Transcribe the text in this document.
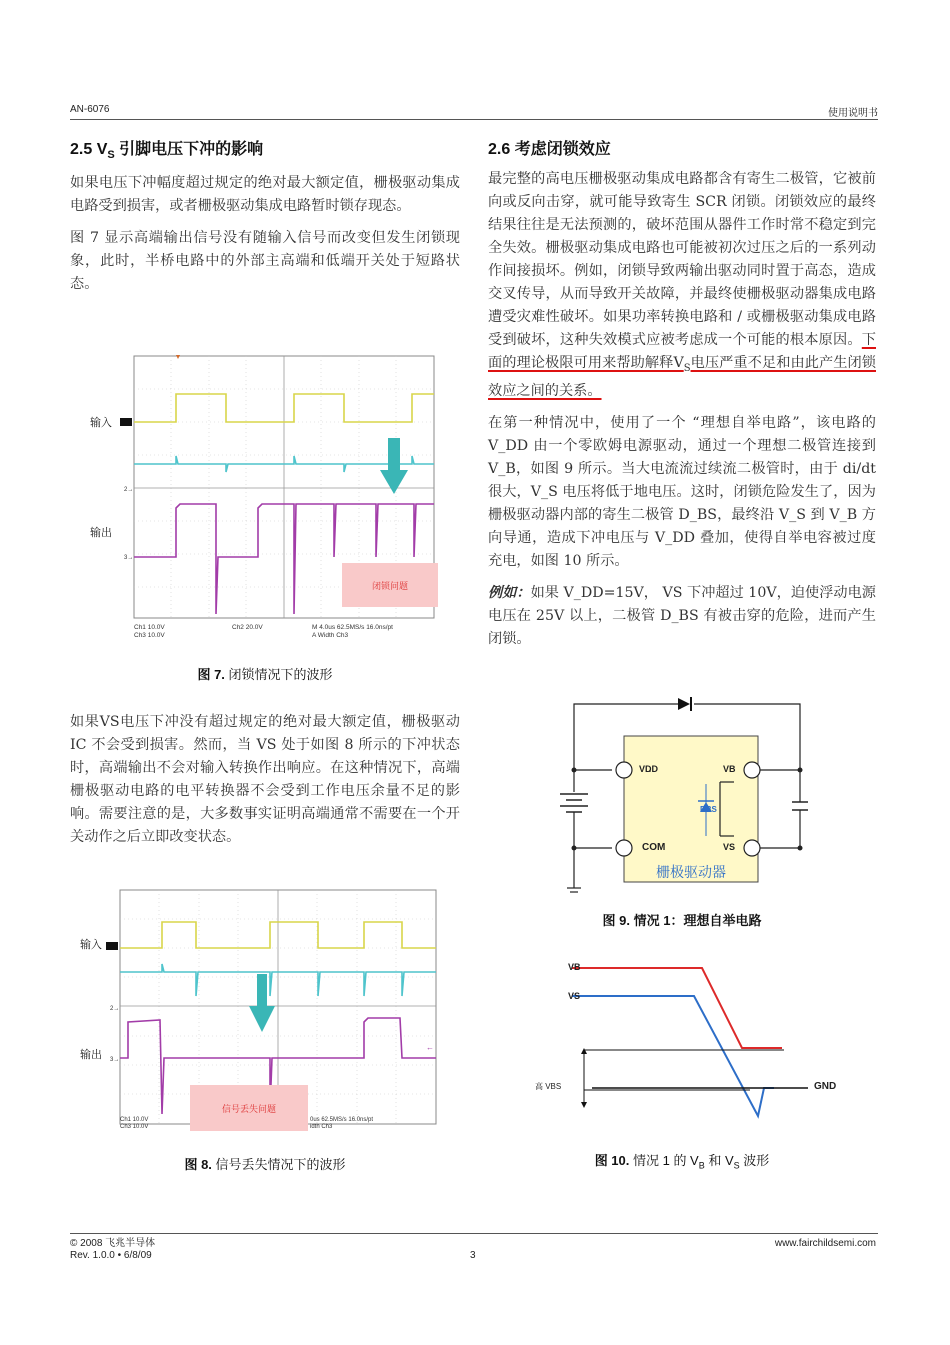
AN-6076	使用说明书
2.5 $V_S$ 引脚电压下冲的影响

如果电压下冲幅度超过规定的绝对最大额定值，栅极驱动集成电路受到损害，或者栅极驱动集成电路暂时锁存现态。

图 7 显示高端输出信号没有随输入信号而改变但发生闭锁现象，此时，半桥电路中的外部主高端和低端开关处于短路状态。

输入
输出
2→
3→
闭锁问题
Ch1 10.0V
Ch3 10.0V
Ch2 20.0V	M 4.0us 62.5MS/s 16.0ns/pt
A Width Ch3
图 7. 闭锁情况下的波形

如果VS电压下冲没有超过规定的绝对最大额定值，栅极驱动 IC 不会受到损害。然而，当 VS 处于如图 8 所示的下冲状态时，高端输出不会对输入转换作出响应。在这种情况下，高端栅极驱动电路的电平转换器不会受到工作电压余量不足的影响。需要注意的是，大多数事实证明高端通常不需要在一个开关动作之后立即改变状态。

输入
输出
2→
3→
←
信号丢失问题
Ch1 10.0V
Ch3 10.0V
0us 62.5MS/s 16.0ns/pt
idth Ch3
图 8. 信号丢失情况下的波形
2.6 考虑闭锁效应

最完整的高电压栅极驱动集成电路都含有寄生二极管，它被前向或反向击穿，就可能导致寄生 SCR 闭锁。闭锁效应的最终结果往往是无法预测的，破坏范围从器件工作时常不稳定到完全失效。栅极驱动集成电路也可能被初次过压之后的一系列动作间接损坏。例如，闭锁导致两输出驱动同时置于高态，造成交叉传导，从而导致开关故障，并最终使栅极驱动器集成电路遭受灾难性破坏。如果功率转换电路和 / 或栅极驱动集成电路受到破坏，这种失效模式应被考虑成一个可能的根本原因。下面的理论极限可用来帮助解释$V_S$电压严重不足和由此产生闭锁效应之间的关系。

在第一种情况中，使用了一个 “理想自举电路”，该电路的 V_DD 由一个零欧姆电源驱动，通过一个理想二极管连接到 V_B，如图 9 所示。当大电流流过续流二极管时，由于 di/dt 很大，V_S 电压将低于地电压。这时，闭锁危险发生了，因为栅极驱动器内部的寄生二极管 D_BS，最终沿 V_S 到 V_B 方向导通，造成下冲电压与 V_DD 叠加，使得自举电容被过度充电，如图 10 所示。

例如：如果 V_DD=15V， VS 下冲超过 10V，迫使浮动电源电压在 25V 以上，二极管 D_BS 有被击穿的危险，进而产生闭锁。

VDD	VB
DBS
COM	VS
栅极驱动器
图 9. 情况 1：理想自举电路
VB
VS
高 VBS	GND
图 10. 情况 1 的 $V_B$ 和 $V_S$ 波形
© 2008 飞兆半导体
Rev. 1.0.0 • 6/8/09	3
www.fairchildsemi.com
